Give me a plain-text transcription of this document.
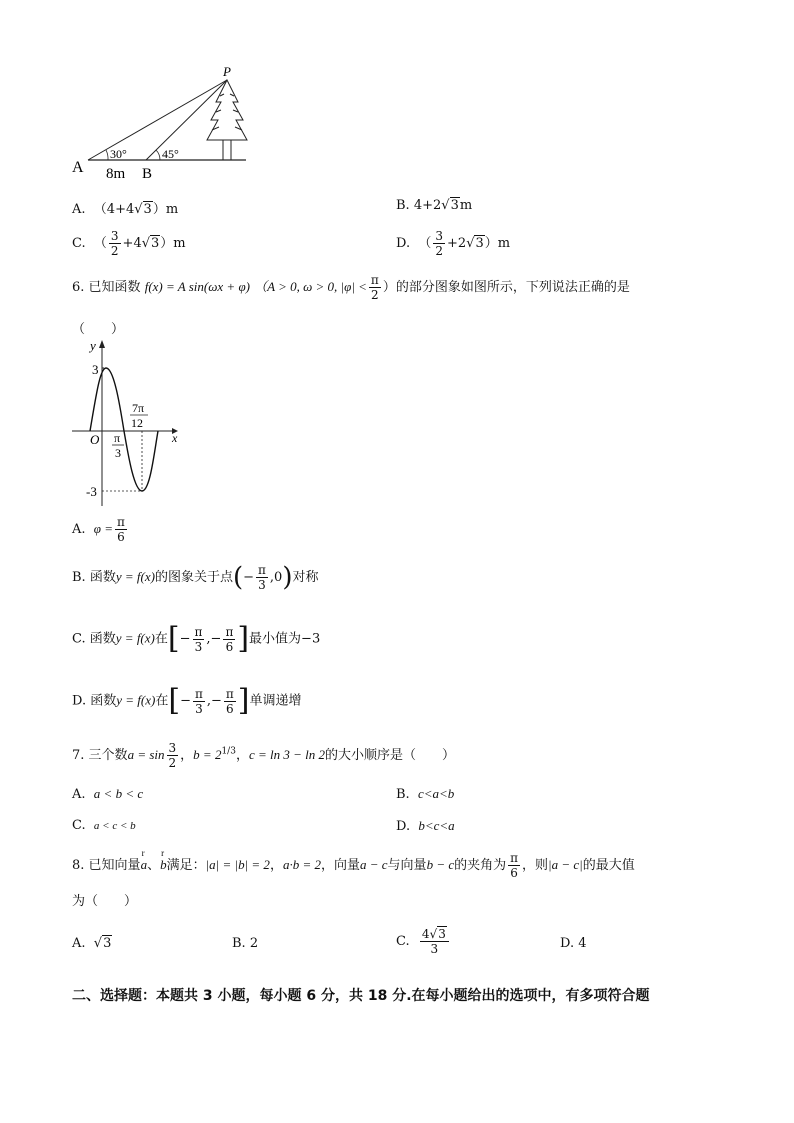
P
A	B
30°	45°
8m
A. （4+4√3）m	B. 4+2√3m
C. （ $\frac{3}{2} +4√3)m$	D. （ $\frac{3}{2} +2√3)m$
6. 已知函数 f(x) = A sin(ωx + φ) （A > 0, ω > 0, $|\varphi| < \frac{\pi}{2}$ ）的部分图象如图所示，下列说法正确的是
（　　）
y
x
O
3
-3
π
3
7π
12
A. $\varphi = \frac{\pi}{6}$
B. 函数y = f(x)的图象关于点(− $\frac{\pi}{3} ,0$)对称
C. 函数y = f(x)在[− $\frac{\pi}{3}$ ,− $\frac{\pi}{6}$ ]最小值为−3
D. 函数y = f(x)在[− $\frac{\pi}{3}$ ,− $\frac{\pi}{6}$ ]单调递增
7. 三个数$a = \sin \frac{3}{2}$ ，$b = 2^{1/3}$，c = ln 3 − ln 2的大小顺序是（　　）
A. a < b < c	B. c<a<b
C. a < c < b	D. b<c<a
8. 已知向量r a、r b满足：|a| = |b| = 2，a·b = 2，向量a − c与向量b − c的夹角为 $\frac{\pi}{6}$ ，则|a − c|的最大值
为（　　）
A.  √3	B. 2	C. $\frac{4√3}{3}$	D. 4
二、选择题：本题共 3 小题，每小题 6 分，共 18 分.在每小题给出的选项中，有多项符合题
